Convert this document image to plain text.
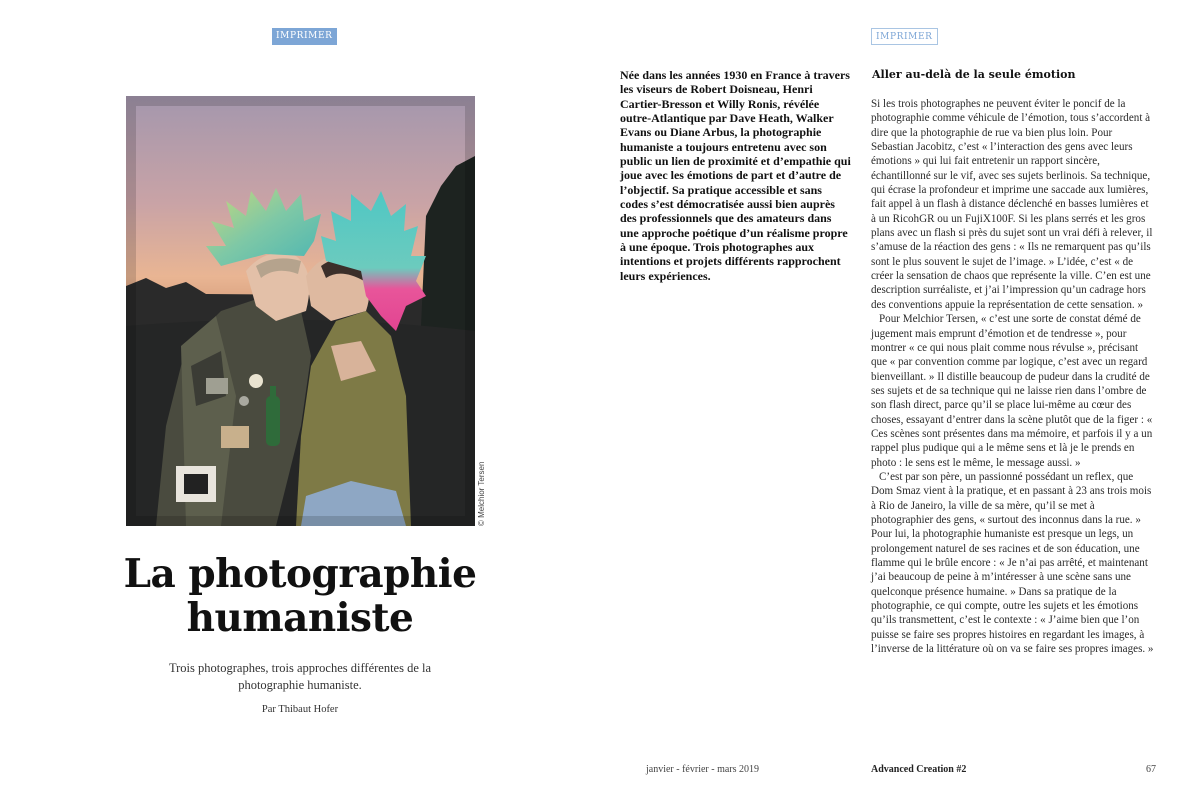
IMPRIMER
© Melchior Tersen
La photographie humaniste

Trois photographes, trois approches différentes de la photographie humaniste.

Par Thibaut Hofer

IMPRIMER

Née dans les années 1930 en France à travers les viseurs de Robert Doisneau, Henri Cartier-Bresson et Willy Ronis, révélée outre-Atlantique par Dave Heath, Walker Evans ou Diane Arbus, la photographie humaniste a toujours entretenu avec son public un lien de proximité et d’empathie qui joue avec les émotions de part et d’autre de l’objectif. Sa pratique accessible et sans codes s’est démocratisée aussi bien auprès des professionnels que des amateurs dans une approche poétique d’un réalisme propre à une époque. Trois photographes aux intentions et projets différents rapprochent leurs expériences.

Aller au-delà de la seule émotion

Si les trois photographes ne peuvent éviter le poncif de la photographie comme véhicule de l’émotion, tous s’accordent à dire que la photographie de rue va bien plus loin. Pour Sebastian Jacobitz, c’est « l’interaction des gens avec leurs émotions » qui lui fait entretenir un rapport sincère, échantillonné sur le vif, avec ses sujets berlinois. Sa technique, qui écrase la profondeur et imprime une saccade aux lumières, fait appel à un flash à distance déclenché en basses lumières et à un RicohGR ou un FujiX100F. Si les plans serrés et les gros plans avec un flash si près du sujet sont un vrai défi à relever, il s’amuse de la réaction des gens : « Ils ne remarquent pas qu’ils sont le plus souvent le sujet de l’image. » L’idée, c’est « de créer la sensation de chaos que représente la ville. C’en est une description surréaliste, et j’ai l’impression qu’un cadrage hors des conventions appuie la représentation de cette sensation. »

Pour Melchior Tersen, « c’est une sorte de constat démé de jugement mais emprunt d’émotion et de tendresse », pour montrer « ce qui nous plait comme nous révulse », précisant que « par convention comme par logique, c’est avec un regard bienveillant. » Il distille beaucoup de pudeur dans la crudité de ses sujets et de sa technique qui ne laisse rien dans l’ombre de son flash direct, parce qu’il se place lui-même au cœur des choses, essayant d’entrer dans la scène plutôt que de la figer : « Ces scènes sont présentes dans ma mémoire, et parfois il y a un rappel plus pudique qui a le même sens et là je le prends en photo : le sens est le même, le message aussi. »

C’est par son père, un passionné possédant un reflex, que Dom Smaz vient à la pratique, et en passant à 23 ans trois mois à Rio de Janeiro, la ville de sa mère, qu’il se met à photographier des gens, « surtout des inconnus dans la rue. » Pour lui, la photographie humaniste est presque un legs, un prolongement naturel de ses racines et de son éducation, une flamme qui le brûle encore : « Je n’ai pas arrêté, et maintenant j’ai beaucoup de peine à m’intéresser à une scène sans une quelconque présence humaine. » Dans sa pratique de la photographie, ce qui compte, outre les sujets et les émotions qu’ils transmettent, c’est le contexte : « J’aime bien que l’on puisse se faire ses propres histoires en regardant les images, à l’inverse de la littérature où on va se faire ses propres images. »

janvier - février - mars 2019	Advanced Creation #2	67
